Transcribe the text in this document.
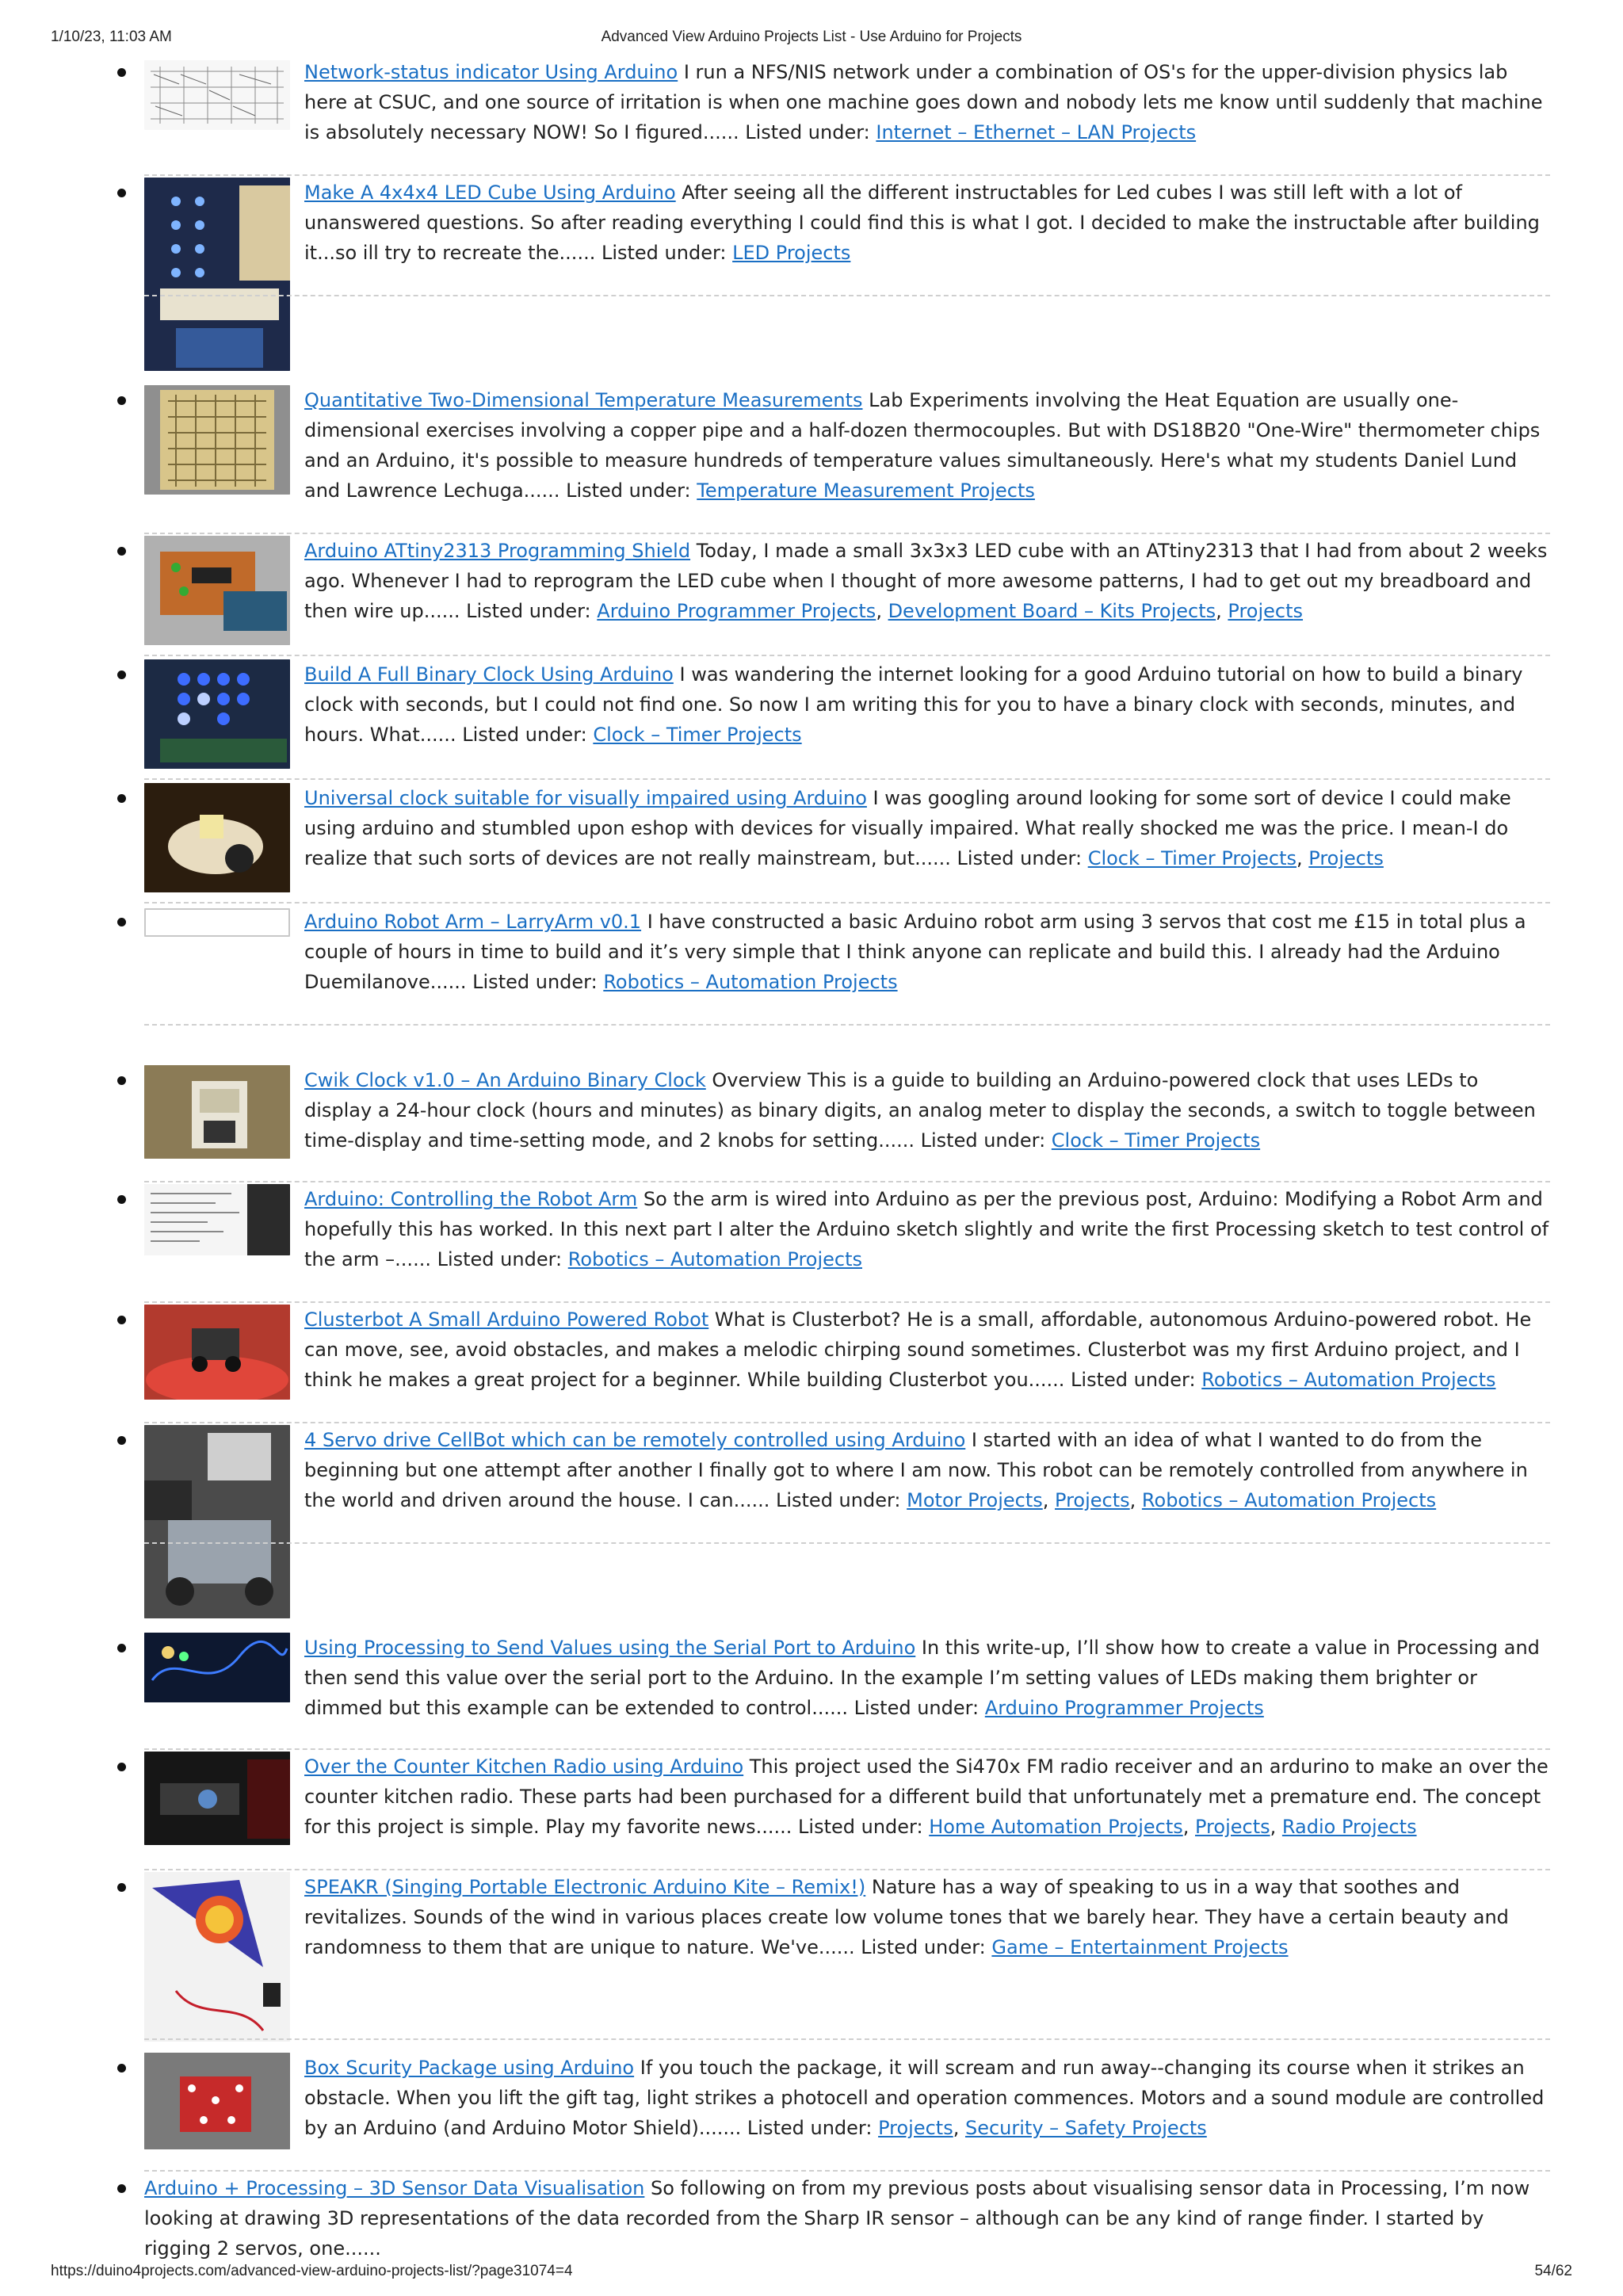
1/10/23, 11:03 AM	Advanced View Arduino Projects List - Use Arduino for Projects
Network-status indicator Using Arduino I run a NFS/NIS network under a combination of OS's for the upper-division physics lab here at CSUC, and one source of irritation is when one machine goes down and nobody lets me know until suddenly that machine is absolutely necessary NOW! So I figured...... Listed under: Internet – Ethernet – LAN Projects
Make A 4x4x4 LED Cube Using Arduino After seeing all the different instructables for Led cubes I was still left with a lot of unanswered questions. So after reading everything I could find this is what I got. I decided to make the instructable after building it...so ill try to recreate the...... Listed under: LED Projects
Quantitative Two-Dimensional Temperature Measurements Lab Experiments involving the Heat Equation are usually one-dimensional exercises involving a copper pipe and a half-dozen thermocouples. But with DS18B20 "One-Wire" thermometer chips and an Arduino, it's possible to measure hundreds of temperature values simultaneously. Here's what my students Daniel Lund and Lawrence Lechuga...... Listed under: Temperature Measurement Projects
Arduino ATtiny2313 Programming Shield Today, I made a small 3x3x3 LED cube with an ATtiny2313 that I had from about 2 weeks ago. Whenever I had to reprogram the LED cube when I thought of more awesome patterns, I had to get out my breadboard and then wire up...... Listed under: Arduino Programmer Projects, Development Board – Kits Projects, Projects
Build A Full Binary Clock Using Arduino I was wandering the internet looking for a good Arduino tutorial on how to build a binary clock with seconds, but I could not find one. So now I am writing this for you to have a binary clock with seconds, minutes, and hours. What...... Listed under: Clock – Timer Projects
Universal clock suitable for visually impaired using Arduino I was googling around looking for some sort of device I could make using arduino and stumbled upon eshop with devices for visually impaired. What really shocked me was the price. I mean-I do realize that such sorts of devices are not really mainstream, but...... Listed under: Clock – Timer Projects, Projects
Arduino Robot Arm – LarryArm v0.1 I have constructed a basic Arduino robot arm using 3 servos that cost me £15 in total plus a couple of hours in time to build and it’s very simple that I think anyone can replicate and build this. I already had the Arduino Duemilanove...... Listed under: Robotics – Automation Projects
Cwik Clock v1.0 – An Arduino Binary Clock Overview This is a guide to building an Arduino-powered clock that uses LEDs to display a 24-hour clock (hours and minutes) as binary digits, an analog meter to display the seconds, a switch to toggle between time-display and time-setting mode, and 2 knobs for setting...... Listed under: Clock – Timer Projects
Arduino: Controlling the Robot Arm So the arm is wired into Arduino as per the previous post, Arduino: Modifying a Robot Arm and hopefully this has worked. In this next part I alter the Arduino sketch slightly and write the first Processing sketch to test control of the arm –...... Listed under: Robotics – Automation Projects
Clusterbot A Small Arduino Powered Robot What is Clusterbot? He is a small, affordable, autonomous Arduino-powered robot. He can move, see, avoid obstacles, and makes a melodic chirping sound sometimes. Clusterbot was my first Arduino project, and I think he makes a great project for a beginner. While building Clusterbot you...... Listed under: Robotics – Automation Projects
4 Servo drive CellBot which can be remotely controlled using Arduino I started with an idea of what I wanted to do from the beginning but one attempt after another I finally got to where I am now. This robot can be remotely controlled from anywhere in the world and driven around the house. I can...... Listed under: Motor Projects, Projects, Robotics – Automation Projects
Using Processing to Send Values using the Serial Port to Arduino In this write-up, I’ll show how to create a value in Processing and then send this value over the serial port to the Arduino. In the example I’m setting values of LEDs making them brighter or dimmed but this example can be extended to control...... Listed under: Arduino Programmer Projects
Over the Counter Kitchen Radio using Arduino This project used the Si470x FM radio receiver and an ardurino to make an over the counter kitchen radio. These parts had been purchased for a different build that unfortunately met a premature end. The concept for this project is simple. Play my favorite news...... Listed under: Home Automation Projects, Projects, Radio Projects
SPEAKR (Singing Portable Electronic Arduino Kite – Remix!) Nature has a way of speaking to us in a way that soothes and revitalizes. Sounds of the wind in various places create low volume tones that we barely hear. They have a certain beauty and randomness to them that are unique to nature. We've...... Listed under: Game – Entertainment Projects
Box Scurity Package using Arduino If you touch the package, it will scream and run away--changing its course when it strikes an obstacle. When you lift the gift tag, light strikes a photocell and operation commences. Motors and a sound module are controlled by an Arduino (and Arduino Motor Shield)....... Listed under: Projects, Security – Safety Projects
Arduino + Processing – 3D Sensor Data Visualisation So following on from my previous posts about visualising sensor data in Processing, I’m now looking at drawing 3D representations of the data recorded from the Sharp IR sensor – although can be any kind of range finder. I started by rigging 2 servos, one......
https://duino4projects.com/advanced-view-arduino-projects-list/?page31074=4	54/62
